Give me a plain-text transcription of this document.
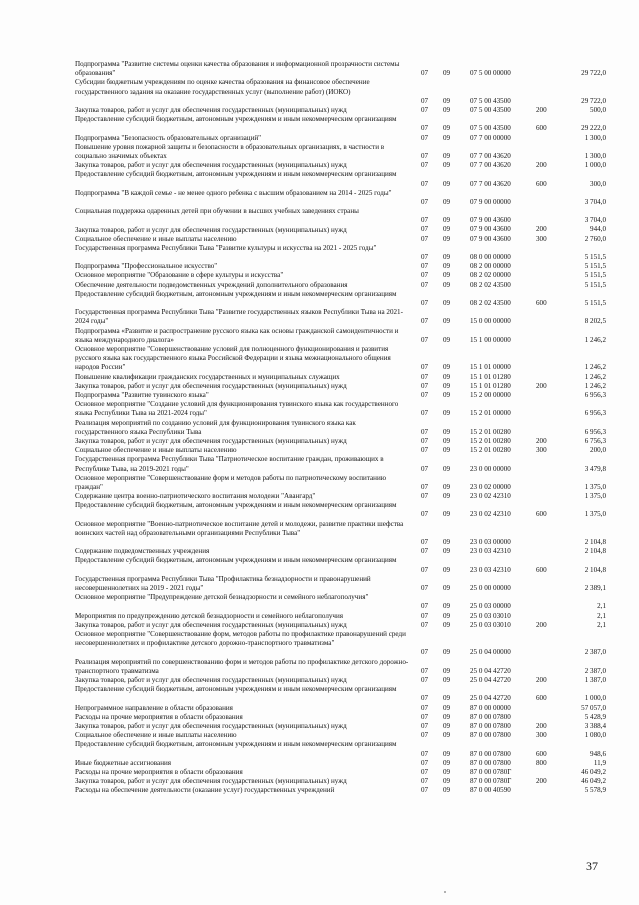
Подпрограмма "Развитие системы оценки качества образования и информационной прозрачности системы образования"	07 09	07 5 00 00000	29 722,0
Субсидии бюджетным учреждениям по оценке качества образования на финансовое обеспечение государственного задания на оказание государственных услуг (выполнение работ) (ИОКО)
07 09	07 5 00 43500	29 722,0
Закупка товаров, работ и услуг для обеспечения государственных (муниципальных) нужд	07 09	07 5 00 43500	200	500,0
Предоставление субсидий бюджетным, автономным учреждениям и иным некоммерческим организациям
07 09	07 5 00 43500	600	29 222,0
Подпрограмма "Безопасность образовательных организаций"	07 09	07 7 00 00000	1 300,0
Повышение уровня пожарной защиты и безопасности в образовательных организациях, в частности в социально значимых объектах	07 09	07 7 00 43620	1 300,0
Закупка товаров, работ и услуг для обеспечения государственных (муниципальных) нужд	07 09	07 7 00 43620	200	1 000,0
Предоставление субсидий бюджетным, автономным учреждениям и иным некоммерческим организациям
07 09	07 7 00 43620	600	300,0
Подпрограмма "В каждой семье - не менее одного ребенка с высшим образованием на 2014 - 2025 годы"
07 09	07 9 00 00000	3 704,0
Социальная поддержка одаренных детей при обучении в высших учебных заведениях страны
07 09	07 9 00 43600	3 704,0
Закупка товаров, работ и услуг для обеспечения государственных (муниципальных) нужд	07 09	07 9 00 43600	200	944,0
Социальное обеспечение и иные выплаты населению	07 09	07 9 00 43600	300	2 760,0
Государственная программа Республики Тыва "Развитие культуры и искусства на 2021 - 2025 годы"
07 09	08 0 00 00000	5 151,5
Подпрограмма "Профессиональное искусство"	07 09	08 2 00 00000	5 151,5
Основное мероприятие "Образование в сфере культуры и искусства"	07 09	08 2 02 00000	5 151,5
Обеспечение деятельности подведомственных учреждений дополнительного образования	07 09	08 2 02 43500	5 151,5
Предоставление субсидий бюджетным, автономным учреждениям и иным некоммерческим организациям
07 09	08 2 02 43500	600	5 151,5
Государственная программа Республики Тыва "Развитие государственных языков Республики Тыва на 2021-2024 годы"	07 09	15 0 00 00000	8 202,5
Подпрограмма «Развитие и распространение русского языка как основы гражданской самоидентичности и языка международного диалога»	07 09	15 1 00 00000	1 246,2
Основное мероприятие "Совершенствование условий для полноценного функционирования и развития русского языка как государственного языка Российской Федерации и языка межнационального общения народов России"	07 09	15 1 01 00000	1 246,2
Повышение квалификации гражданских государственных и муниципальных служащих	07 09	15 1 01 01280	1 246,2
Закупка товаров, работ и услуг для обеспечения государственных (муниципальных) нужд	07 09	15 1 01 01280	200	1 246,2
Подпрограмма "Развитие тувинского языка"	07 09	15 2 00 00000	6 956,3
Основное мероприятие "Создание условий для функционирования тувинского языка как государственного языка Республики Тыва на 2021-2024 годы"	07 09	15 2 01 00000	6 956,3
Реализация мероприятий по созданию условий для функционирования тувинского языка как государственного языка Республики Тыва	07 09	15 2 01 00280	6 956,3
Закупка товаров, работ и услуг для обеспечения государственных (муниципальных) нужд	07 09	15 2 01 00280	200	6 756,3
Социальное обеспечение и иные выплаты населению	07 09	15 2 01 00280	300	200,0
Государственная программа Республики Тыва "Патриотическое воспитание граждан, проживающих в Республике Тыва, на 2019-2021 годы"	07 09	23 0 00 00000	3 479,8
Основное мероприятие "Совершенствование форм и методов работы по патриотическому воспитанию граждан"	07 09	23 0 02 00000	1 375,0
Содержание центра военно-патриотического воспитания молодежи "Авангард"	07 09	23 0 02 42310	1 375,0
Предоставление субсидий бюджетным, автономным учреждениям и иным некоммерческим организациям
07 09	23 0 02 42310	600	1 375,0
Основное мероприятие "Военно-патриотическое воспитание детей и молодежи, развитие практики шефства воинских частей над образовательными организациями Республики Тыва"
07 09	23 0 03 00000	2 104,8
Содержание подведомственных учреждения	07 09	23 0 03 42310	2 104,8
Предоставление субсидий бюджетным, автономным учреждениям и иным некоммерческим организациям
07 09	23 0 03 42310	600	2 104,8
Государственная программа Республики Тыва "Профилактика безнадзорности и правонарушений несовершеннолетних на 2019 - 2021 годы"	07 09	25 0 00 00000	2 389,1
Основное мероприятие "Предупреждение детской безнадзорности и семейного неблагополучия"
07 09	25 0 03 00000	2,1
Мероприятия по предупреждению детской безнадзорности и семейного неблагополучия	07 09	25 0 03 03010	2,1
Закупка товаров, работ и услуг для обеспечения государственных (муниципальных) нужд	07 09	25 0 03 03010	200	2,1
Основное мероприятие "Совершенствование форм, методов работы по профилактике правонарушений среди несовершеннолетних и профилактике детского дорожно-транспортного травматизма"
07 09	25 0 04 00000	2 387,0
Реализация мероприятий по совершенствованию форм и методов работы по профилактике детского дорожно-транспортного травматизма	07 09	25 0 04 42720	2 387,0
Закупка товаров, работ и услуг для обеспечения государственных (муниципальных) нужд	07 09	25 0 04 42720	200	1 387,0
Предоставление субсидий бюджетным, автономным учреждениям и иным некоммерческим организациям
07 09	25 0 04 42720	600	1 000,0
Непрограммное направление в области образования	07 09	87 0 00 00000	57 057,0
Расходы на прочие мероприятия в области образования	07 09	87 0 00 07800	5 428,9
Закупка товаров, работ и услуг для обеспечения государственных (муниципальных) нужд	07 09	87 0 00 07800	200	3 388,4
Социальное обеспечение и иные выплаты населению	07 09	87 0 00 07800	300	1 080,0
Предоставление субсидий бюджетным, автономным учреждениям и иным некоммерческим организациям
07 09	87 0 00 07800	600	948,6
Иные бюджетные ассигнования	07 09	87 0 00 07800	800	11,9
Расходы на прочие мероприятия в области образования	07 09	87 0 00 0780Г	46 049,2
Закупка товаров, работ и услуг для обеспечения государственных (муниципальных) нужд	07 09	87 0 00 0780Г	200	46 049,2
Расходы на обеспечение деятельности (оказание услуг) государственных учреждений	07 09	87 0 00 40590	5 578,9
37
